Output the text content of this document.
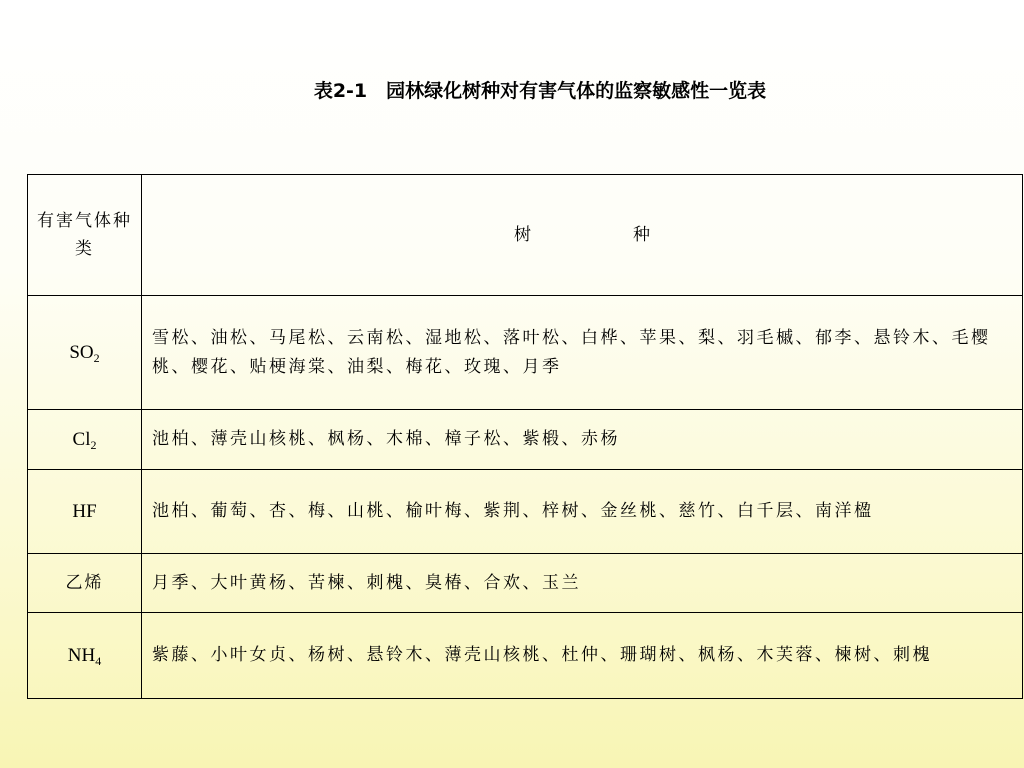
表2-1　园林绿化树种对有害气体的监察敏感性一览表
有害气体种类	树 种
$SO_2$	雪松、油松、马尾松、云南松、湿地松、落叶松、白桦、苹果、梨、羽毛槭、郁李、悬铃木、毛樱桃、樱花、贴梗海棠、油梨、梅花、玫瑰、月季
$Cl_2$	池柏、薄壳山核桃、枫杨、木棉、樟子松、紫椴、赤杨
HF	池柏、葡萄、杏、梅、山桃、榆叶梅、紫荆、梓树、金丝桃、慈竹、白千层、南洋楹
乙烯	月季、大叶黄杨、苦楝、刺槐、臭椿、合欢、玉兰
$NH_4$	紫藤、小叶女贞、杨树、悬铃木、薄壳山核桃、杜仲、珊瑚树、枫杨、木芙蓉、楝树、刺槐
